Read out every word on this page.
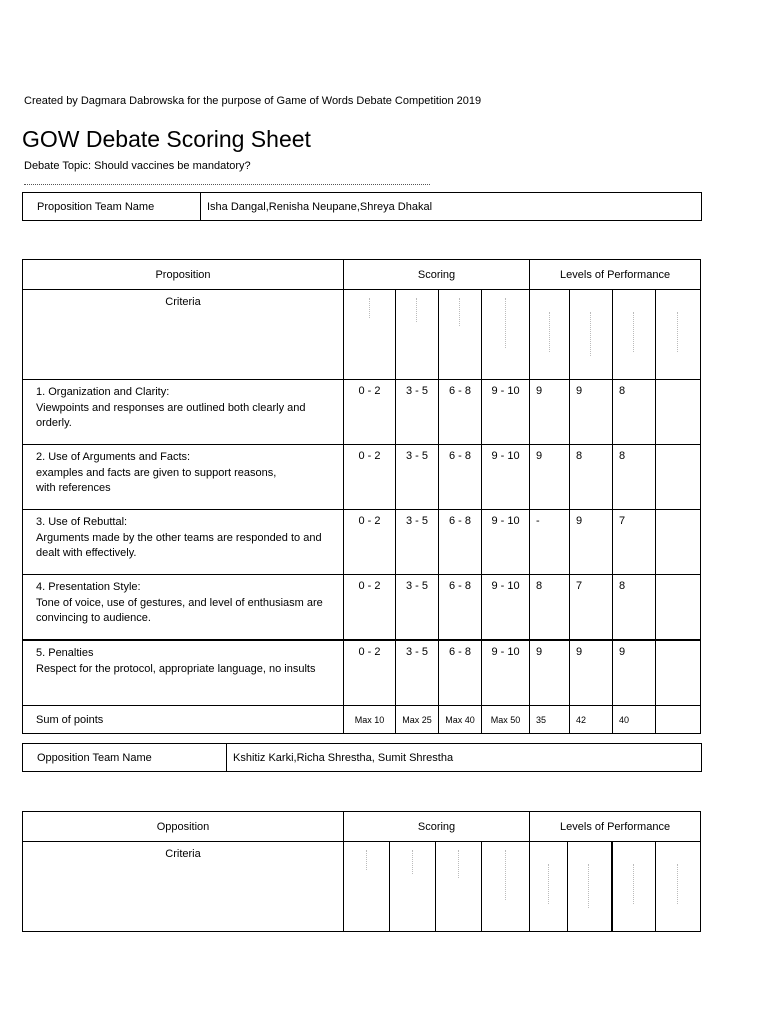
Created by Dagmara Dabrowska for the purpose of Game of Words Debate Competition 2019
GOW Debate Scoring Sheet
Debate Topic: Should vaccines be mandatory?
Proposition Team Name	Isha Dangal,Renisha Neupane,Shreya Dhakal
Proposition	Scoring				Levels of Performance			
Criteria	

1. Organization and Clarity:
Viewpoints and responses are outlined both clearly and
orderly.	0 - 2	3 - 5	6 - 8	9 - 10	9	9	8	

2. Use of Arguments and Facts:
examples and facts are given to support reasons,
with references	0 - 2	3 - 5	6 - 8	9 - 10	9	8	8	

3. Use of Rebuttal:
Arguments made by the other teams are responded to and
dealt with effectively.	0 - 2	3 - 5	6 - 8	9 - 10	-	9	7	

4. Presentation Style:
Tone of voice, use of gestures, and level of enthusiasm are
convincing to audience.	0 - 2	3 - 5	6 - 8	9 - 10	8	7	8	

5. Penalties
Respect for the protocol, appropriate language, no insults	0 - 2	3 - 5	6 - 8	9 - 10	9	9	9	
Sum of points	Max 10	Max 25	Max 40	Max 50	35	42	40	
Opposition Team Name	Kshitiz Karki,Richa Shrestha, Sumit Shrestha
Opposition	Scoring				Levels of Performance			
Criteria	
